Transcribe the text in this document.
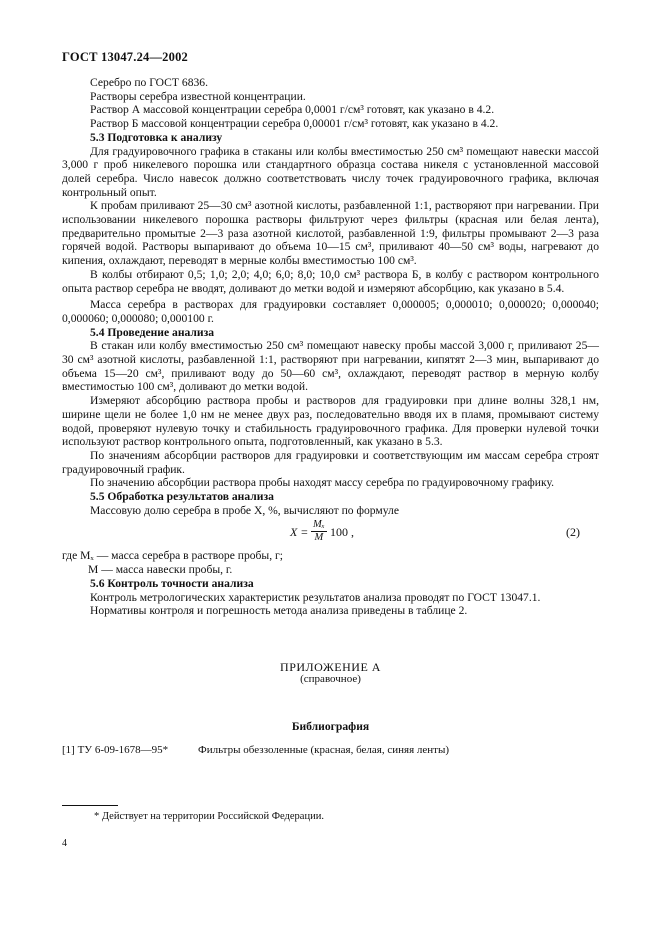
ГОСТ 13047.24—2002

Серебро по ГОСТ 6836.

Растворы серебра известной концентрации.

Раствор А массовой концентрации серебра 0,0001 г/см³ готовят, как указано в 4.2.

Раствор Б массовой концентрации серебра 0,00001 г/см³ готовят, как указано в 4.2.

5.3 Подготовка к анализу

Для градуировочного графика в стаканы или колбы вместимостью 250 см³ помещают навески массой 3,000 г проб никелевого порошка или стандартного образца состава никеля с установленной массовой долей серебра. Число навесок должно соответствовать числу точек градуировочного графика, включая контрольный опыт.

К пробам приливают 25—30 см³ азотной кислоты, разбавленной 1:1, растворяют при нагревании. При использовании никелевого порошка растворы фильтруют через фильтры (красная или белая лента), предварительно промытые 2—3 раза азотной кислотой, разбавленной 1:9, фильтры промывают 2—3 раза горячей водой. Растворы выпаривают до объема 10—15 см³, приливают 40—50 см³ воды, нагревают до кипения, охлаждают, переводят в мерные колбы вместимостью 100 см³.

В колбы отбирают 0,5; 1,0; 2,0; 4,0; 6,0; 8,0; 10,0 см³ раствора Б, в колбу с раствором контрольного опыта раствор серебра не вводят, доливают до метки водой и измеряют абсорбцию, как указано в 5.4.

Масса серебра в растворах для градуировки составляет 0,000005; 0,000010; 0,000020; 0,000040; 0,000060; 0,000080; 0,000100 г.

5.4 Проведение анализа

В стакан или колбу вместимостью 250 см³ помещают навеску пробы массой 3,000 г, приливают 25—30 см³ азотной кислоты, разбавленной 1:1, растворяют при нагревании, кипятят 2—3 мин, выпаривают до объема 15—20 см³, приливают воду до 50—60 см³, охлаждают, переводят раствор в мерную колбу вместимостью 100 см³, доливают до метки водой.

Измеряют абсорбцию раствора пробы и растворов для градуировки при длине волны 328,1 нм, ширине щели не более 1,0 нм не менее двух раз, последовательно вводя их в пламя, промывают систему водой, проверяют нулевую точку и стабильность градуировочного графика. Для проверки нулевой точки используют раствор контрольного опыта, подготовленный, как указано в 5.3.

По значениям абсорбции растворов для градуировки и соответствующим им массам серебра строят градуировочный график.

По значению абсорбции раствора пробы находят массу серебра по градуировочному графику.

5.5 Обработка результатов анализа

Массовую долю серебра в пробе X, %, вычисляют по формуле

$X = \frac{\text{Mₓ}}{M} 100$ ,	(2)
где Mₓ — масса серебра в растворе пробы, г;
M — масса навески пробы, г.

5.6 Контроль точности анализа

Контроль метрологических характеристик результатов анализа проводят по ГОСТ 13047.1.

Нормативы контроля и погрешность метода анализа приведены в таблице 2.

ПРИЛОЖЕНИЕ А
(справочное)
Библиография
[1] ТУ 6-09-1678—95*	Фильтры обеззоленные (красная, белая, синяя ленты)
* Действует на территории Российской Федерации.
4
